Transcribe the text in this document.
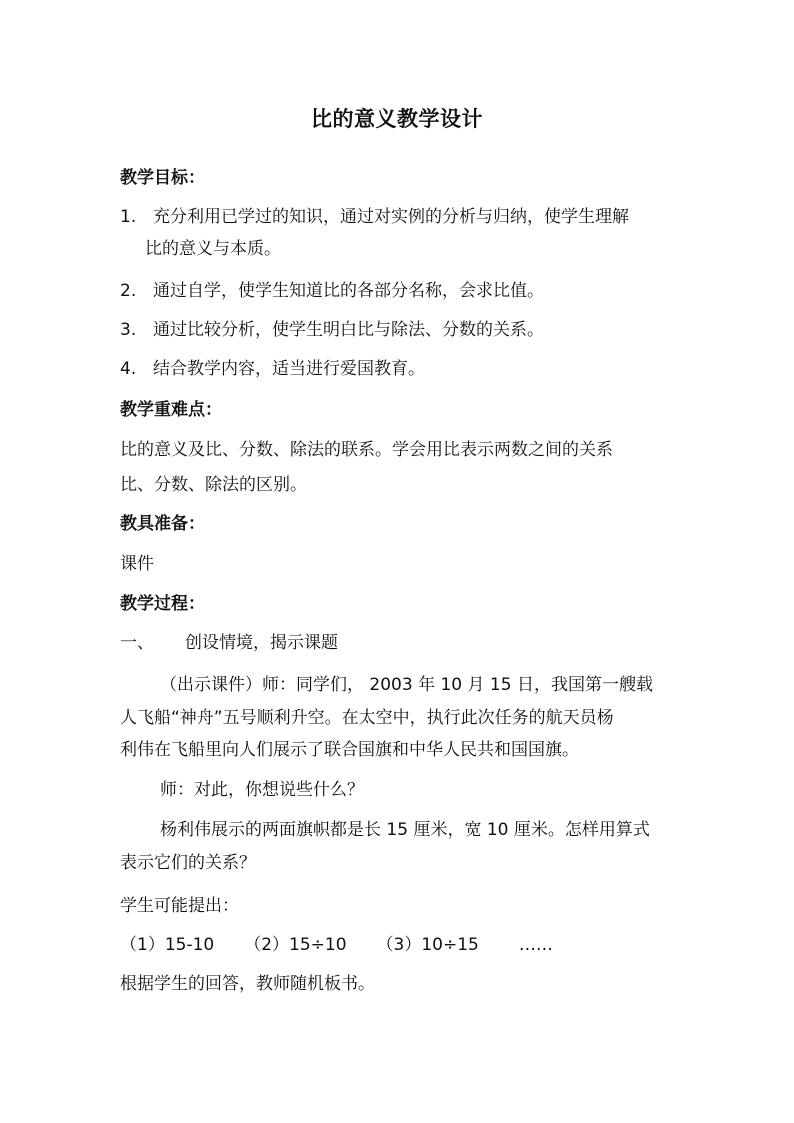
比的意义教学设计
教学目标：
1. 充分利用已学过的知识，通过对实例的分析与归纳，使学生理解
比的意义与本质。
2. 通过自学，使学生知道比的各部分名称，会求比值。
3. 通过比较分析，使学生明白比与除法、分数的关系。
4. 结合教学内容，适当进行爱国教育。
教学重难点：
比的意义及比、分数、除法的联系。学会用比表示两数之间的关系
比、分数、除法的区别。
教具准备：
课件
教学过程：
一、 创设情境，揭示课题
（出示课件）师：同学们， 2003 年 10 月 15 日，我国第一艘载
人飞船“神舟”五号顺利升空。在太空中，执行此次任务的航天员杨
利伟在飞船里向人们展示了联合国旗和中华人民共和国国旗。
师：对此，你想说些什么？
杨利伟展示的两面旗帜都是长 15 厘米，宽 10 厘米。怎样用算式
表示它们的关系？
学生可能提出：
（1）15-10 （2）15÷10 （3）10÷15 ……
根据学生的回答，教师随机板书。
